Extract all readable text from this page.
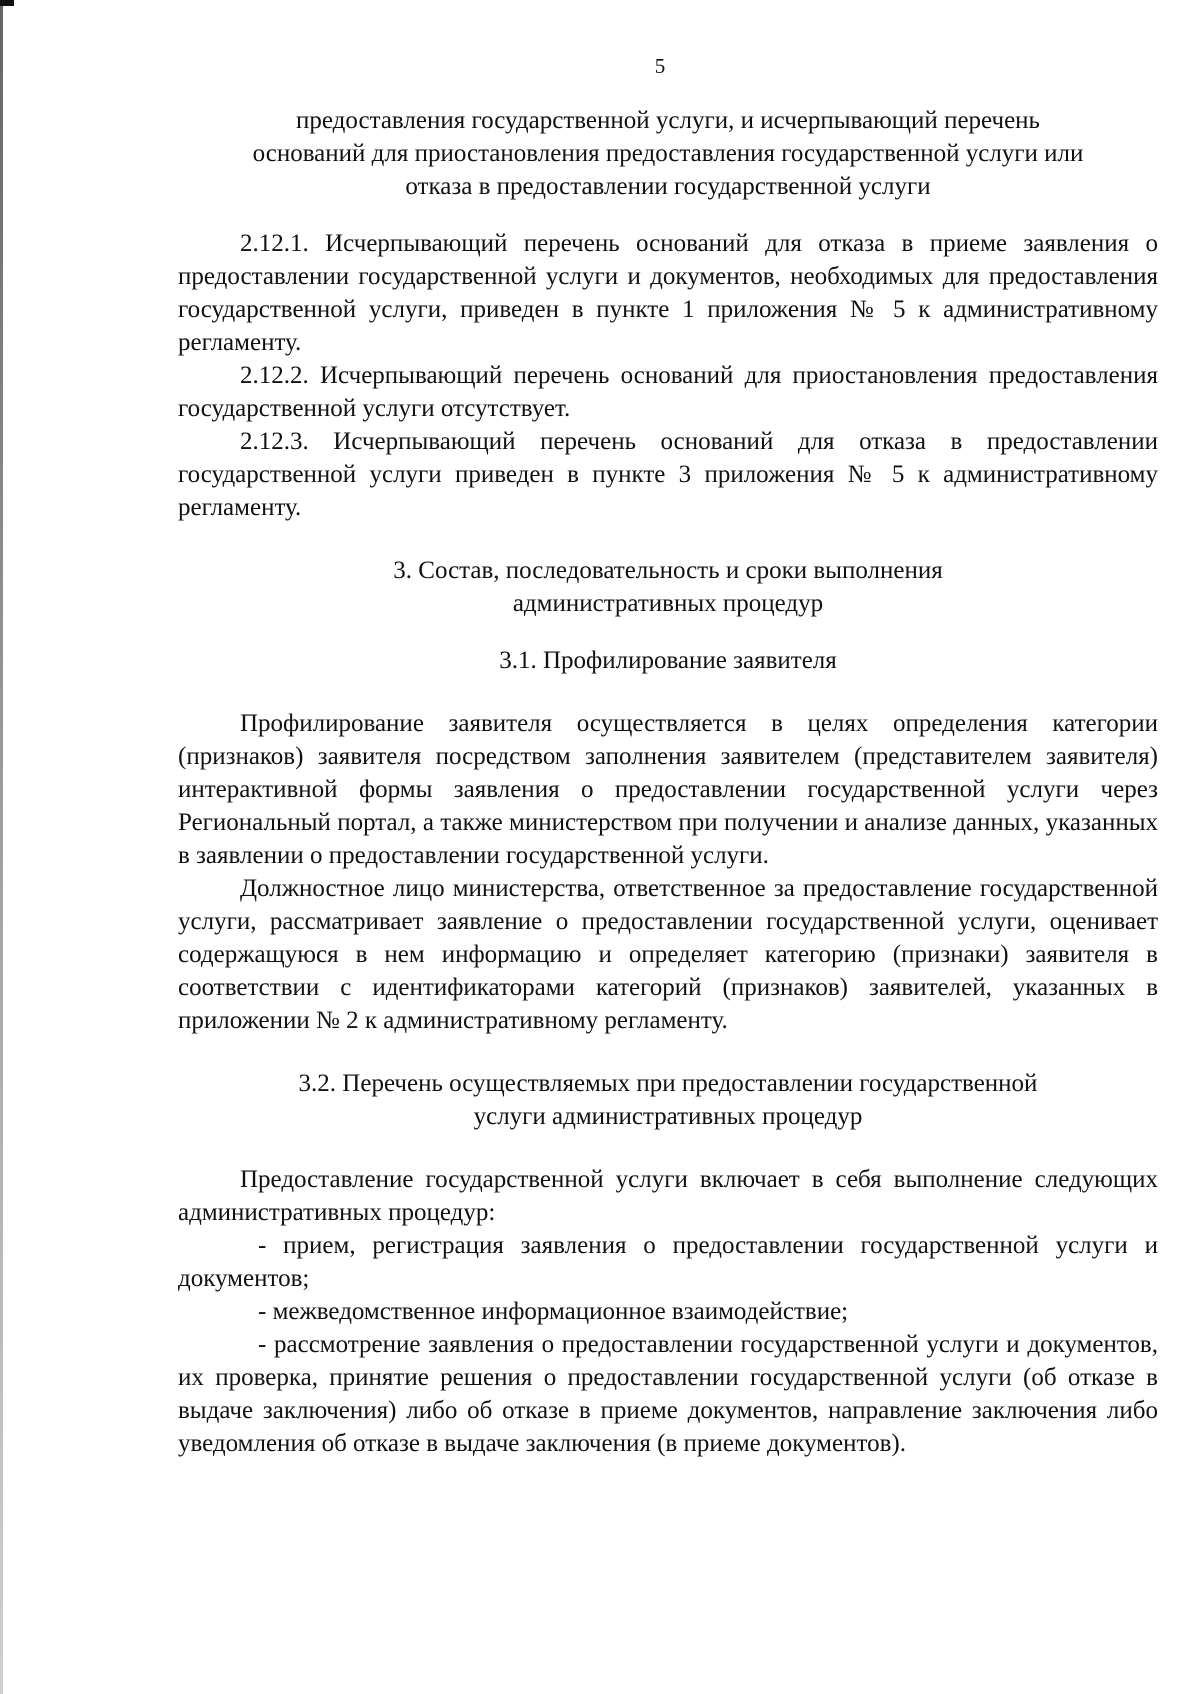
5
предоставления государственной услуги, и исчерпывающий перечень
оснований для приостановления предоставления государственной услуги или
отказа в предоставлении государственной услуги

2.12.1. Исчерпывающий перечень оснований для отказа в приеме заявления о предоставлении государственной услуги и документов, необходимых для предоставления государственной услуги, приведен в пункте 1 приложения № 5 к административному регламенту.

2.12.2. Исчерпывающий перечень оснований для приостановления предоставления государственной услуги отсутствует.

2.12.3. Исчерпывающий перечень оснований для отказа в предоставлении государственной услуги приведен в пункте 3 приложения № 5 к административному регламенту.

3. Состав, последовательность и сроки выполнения
административных процедур
3.1. Профилирование заявителя

Профилирование заявителя осуществляется в целях определения категории (признаков) заявителя посредством заполнения заявителем (представителем заявителя) интерактивной формы заявления о предоставлении государственной услуги через Региональный портал, а также министерством при получении и анализе данных, указанных в заявлении о предоставлении государственной услуги.

Должностное лицо министерства, ответственное за предоставление государственной услуги, рассматривает заявление о предоставлении государственной услуги, оценивает содержащуюся в нем информацию и определяет категорию (признаки) заявителя в соответствии с идентификаторами категорий (признаков) заявителей, указанных в приложении № 2 к административному регламенту.

3.2. Перечень осуществляемых при предоставлении государственной
услуги административных процедур

Предоставление государственной услуги включает в себя выполнение следующих административных процедур:

- прием, регистрация заявления о предоставлении государственной услуги и документов;

- межведомственное информационное взаимодействие;

- рассмотрение заявления о предоставлении государственной услуги и документов, их проверка, принятие решения о предоставлении государственной услуги (об отказе в выдаче заключения) либо об отказе в приеме документов, направление заключения либо уведомления об отказе в выдаче заключения (в приеме документов).
